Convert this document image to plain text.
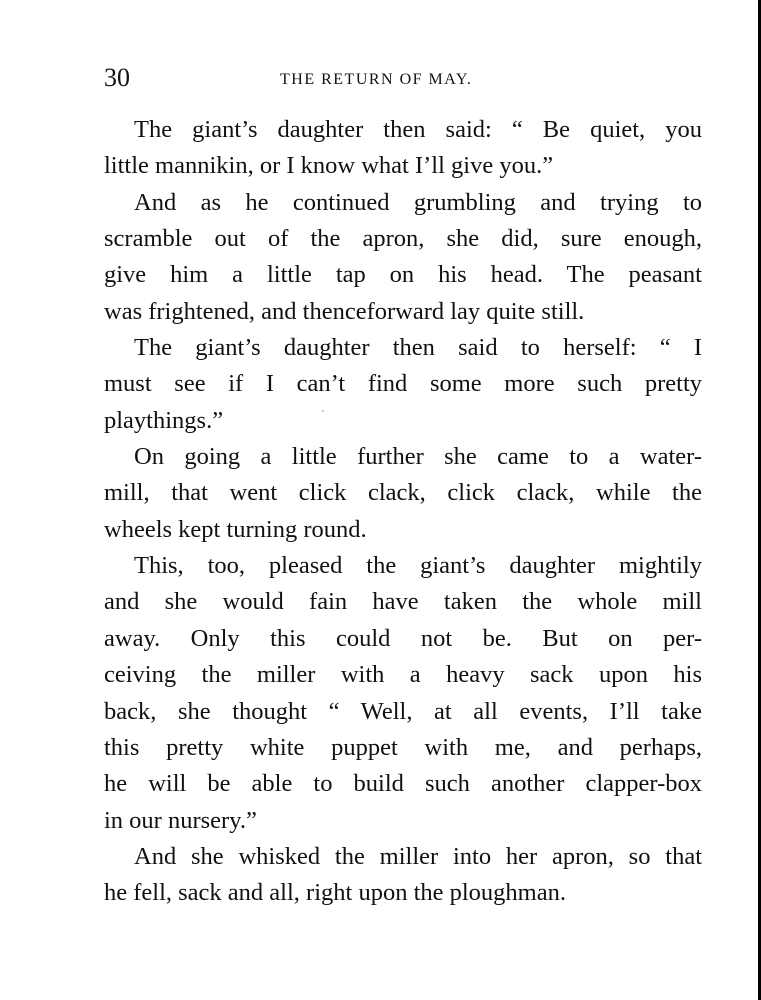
30	THE RETURN OF MAY.
The giant’s daughter then said: “ Be quiet, you
little mannikin, or I know what I’ll give you.”
And as he continued grumbling and trying to
scramble out of the apron, she did, sure enough,
give him a little tap on his head. The peasant
was frightened, and thenceforward lay quite still.
The giant’s daughter then said to herself: “ I
must see if I can’t find some more such pretty
playthings.”
On going a little further she came to a water-
mill, that went click clack, click clack, while the
wheels kept turning round.
This, too, pleased the giant’s daughter mightily
and she would fain have taken the whole mill
away. Only this could not be. But on per-
ceiving the miller with a heavy sack upon his
back, she thought “ Well, at all events, I’ll take
this pretty white puppet with me, and perhaps,
he will be able to build such another clapper-box
in our nursery.”
And she whisked the miller into her apron, so that
he fell, sack and all, right upon the ploughman.
